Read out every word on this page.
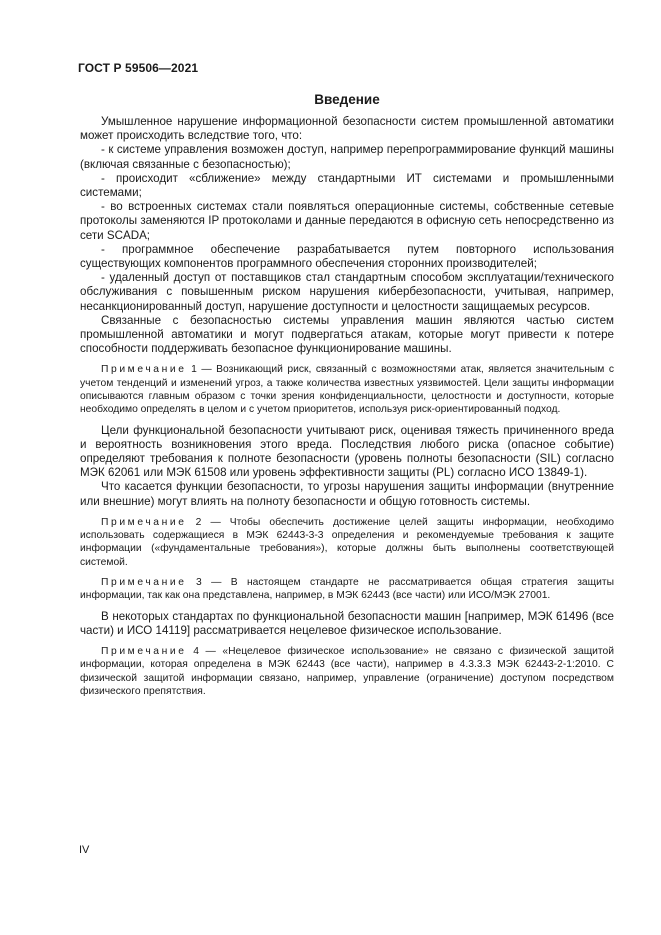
ГОСТ Р 59506—2021
Введение

Умышленное нарушение информационной безопасности систем промышленной автоматики может происходить вследствие того, что:

- к системе управления возможен доступ, например перепрограммирование функций машины (включая связанные с безопасностью);

- происходит «сближение» между стандартными ИТ системами и промышленными системами;

- во встроенных системах стали появляться операционные системы, собственные сетевые протоколы заменяются IP протоколами и данные передаются в офисную сеть непосредственно из сети SCADA;

- программное обеспечение разрабатывается путем повторного использования существующих компонентов программного обеспечения сторонних производителей;

- удаленный доступ от поставщиков стал стандартным способом эксплуатации/технического обслуживания с повышенным риском нарушения кибербезопасности, учитывая, например, несанкционированный доступ, нарушение доступности и целостности защищаемых ресурсов.

Связанные с безопасностью системы управления машин являются частью систем промышленной автоматики и могут подвергаться атакам, которые могут привести к потере способности поддерживать безопасное функционирование машины.

Примечание 1 — Возникающий риск, связанный с возможностями атак, является значительным с учетом тенденций и изменений угроз, а также количества известных уязвимостей. Цели защиты информации описываются главным образом с точки зрения конфиденциальности, целостности и доступности, которые необходимо определять в целом и с учетом приоритетов, используя риск-ориентированный подход.

Цели функциональной безопасности учитывают риск, оценивая тяжесть причиненного вреда и вероятность возникновения этого вреда. Последствия любого риска (опасное событие) определяют требования к полноте безопасности (уровень полноты безопасности (SIL) согласно МЭК 62061 или МЭК 61508 или уровень эффективности защиты (PL) согласно ИСО 13849-1).

Что касается функции безопасности, то угрозы нарушения защиты информации (внутренние или внешние) могут влиять на полноту безопасности и общую готовность системы.

Примечание 2 — Чтобы обеспечить достижение целей защиты информации, необходимо использовать содержащиеся в МЭК 62443-3-3 определения и рекомендуемые требования к защите информации («фундаментальные требования»), которые должны быть выполнены соответствующей системой.

Примечание 3 — В настоящем стандарте не рассматривается общая стратегия защиты информации, так как она представлена, например, в МЭК 62443 (все части) или ИСО/МЭК 27001.

В некоторых стандартах по функциональной безопасности машин [например, МЭК 61496 (все части) и ИСО 14119] рассматривается нецелевое физическое использование.

Примечание 4 — «Нецелевое физическое использование» не связано с физической защитой информации, которая определена в МЭК 62443 (все части), например в 4.3.3.3 МЭК 62443-2-1:2010. С физической защитой информации связано, например, управление (ограничение) доступом посредством физического препятствия.

IV
